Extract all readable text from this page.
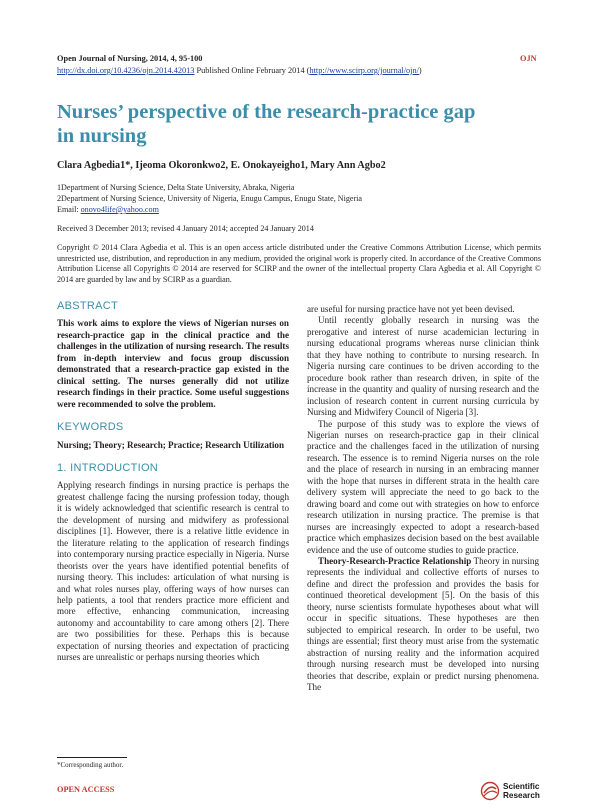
Open Journal of Nursing, 2014, 4, 95-100	OJN
http://dx.doi.org/10.4236/ojn.2014.42013 Published Online February 2014 (http://www.scirp.org/journal/ojn/)
Nurses’ perspective of the research-practice gap in nursing
Clara Agbedia1*, Ijeoma Okoronkwo2, E. Onokayeigho1, Mary Ann Agbo2
1Department of Nursing Science, Delta State University, Abraka, Nigeria
2Department of Nursing Science, University of Nigeria, Enugu Campus, Enugu State, Nigeria
Email: onovo4life@yahoo.com
Received 3 December 2013; revised 4 January 2014; accepted 24 January 2014
Copyright © 2014 Clara Agbedia et al. This is an open access article distributed under the Creative Commons Attribution License, which permits unrestricted use, distribution, and reproduction in any medium, provided the original work is properly cited. In accordance of the Creative Commons Attribution License all Copyrights © 2014 are reserved for SCIRP and the owner of the intellectual property Clara Agbedia et al. All Copyright © 2014 are guarded by law and by SCIRP as a guardian.
ABSTRACT

This work aims to explore the views of Nigerian nurses on research-practice gap in the clinical practice and the challenges in the utilization of nursing research. The results from in-depth interview and focus group discussion demonstrated that a research-practice gap existed in the clinical setting. The nurses generally did not utilize research findings in their practice. Some useful suggestions were recommended to solve the problem.

KEYWORDS

Nursing; Theory; Research; Practice; Research Utilization

1. INTRODUCTION

Applying research findings in nursing practice is perhaps the greatest challenge facing the nursing profession today, though it is widely acknowledged that scientific research is central to the development of nursing and midwifery as professional disciplines [1]. However, there is a relative little evidence in the literature relating to the application of research findings into contemporary nursing practice especially in Nigeria. Nurse theorists over the years have identified potential benefits of nursing theory. This includes: articulation of what nursing is and what roles nurses play, offering ways of how nurses can help patients, a tool that renders practice more efficient and more effective, enhancing communication, increasing autonomy and accountability to care among others [2]. There are two possibilities for these. Perhaps this is because expectation of nursing theories and expectation of practicing nurses are unrealistic or perhaps nursing theories which

are useful for nursing practice have not yet been devised.

Until recently globally research in nursing was the prerogative and interest of nurse academician lecturing in nursing educational programs whereas nurse clinician think that they have nothing to contribute to nursing research. In Nigeria nursing care continues to be driven according to the procedure book rather than research driven, in spite of the increase in the quantity and quality of nursing research and the inclusion of research content in current nursing curricula by Nursing and Midwifery Council of Nigeria [3].

The purpose of this study was to explore the views of Nigerian nurses on research-practice gap in their clinical practice and the challenges faced in the utilization of nursing research. The essence is to remind Nigeria nurses on the role and the place of research in nursing in an embracing manner with the hope that nurses in different strata in the health care delivery system will appreciate the need to go back to the drawing board and come out with strategies on how to enforce research utilization in nursing practice. The premise is that nurses are increasingly expected to adopt a research-based practice which emphasizes decision based on the best available evidence and the use of outcome studies to guide practice.

Theory-Research-Practice Relationship Theory in nursing represents the individual and collective efforts of nurses to define and direct the profession and provides the basis for continued theoretical development [5]. On the basis of this theory, nurse scientists formulate hypotheses about what will occur in specific situations. These hypotheses are then subjected to empirical research. In order to be useful, two things are essential; first theory must arise from the systematic abstraction of nursing reality and the information acquired through nursing research must be developed into nursing theories that describe, explain or predict nursing phenomena. The

*Corresponding author.
OPEN ACCESS	Scientific Research
